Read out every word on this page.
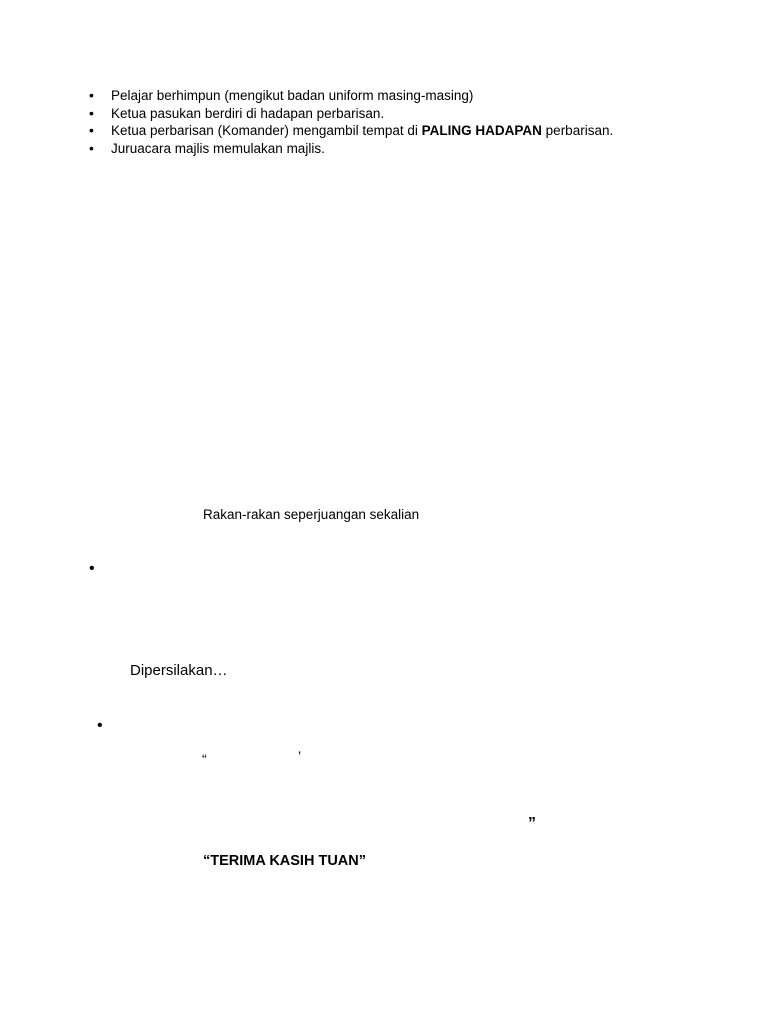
• Pelajar berhimpun (mengikut badan uniform masing-masing)
• Ketua pasukan berdiri di hadapan perbarisan.
• Ketua perbarisan (Komander) mengambil tempat di PALING HADAPAN perbarisan.
• Juruacara majlis memulakan majlis.
Rakan-rakan seperjuangan sekalian
•
Dipersilakan…
•
“	’
”
“TERIMA KASIH TUAN”
